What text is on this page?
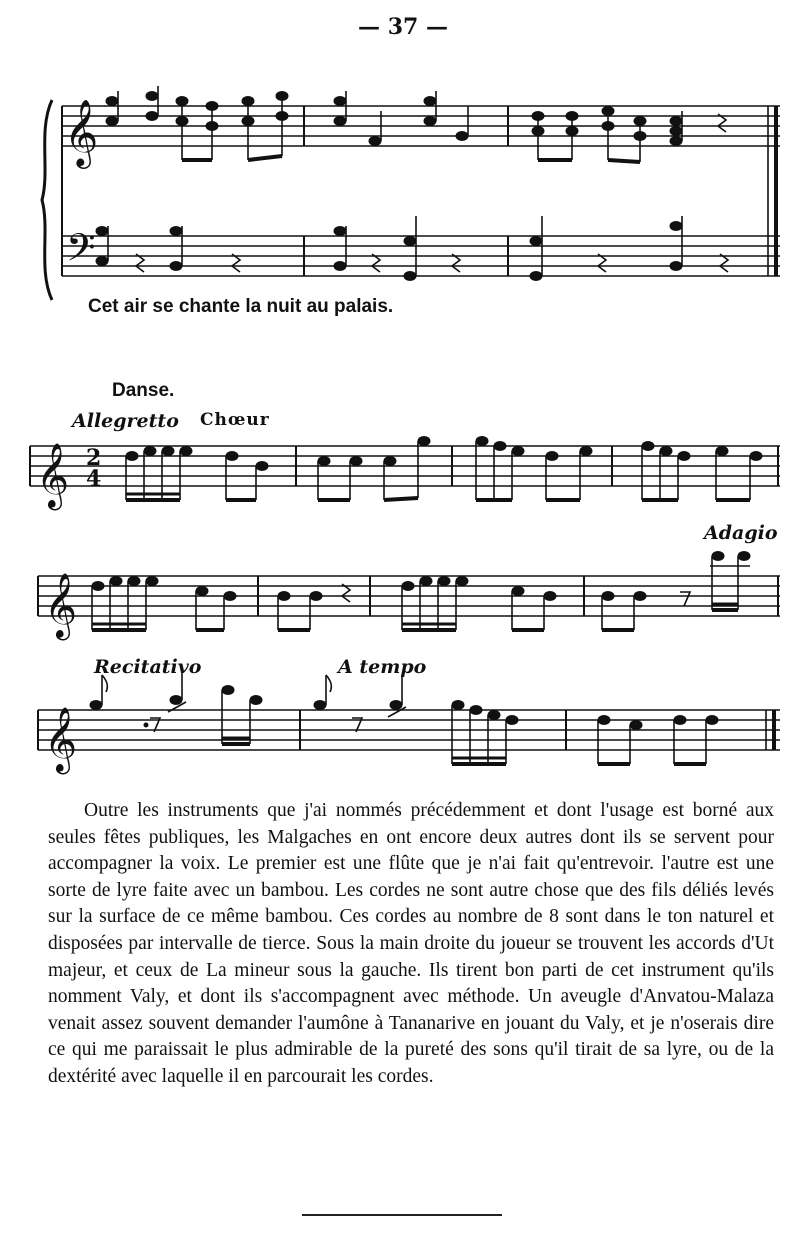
— 37 —
𝄞
𝄢
𝄞
𝄞
𝄞
2
4
Cet air se chante la nuit au palais.
Danse.
Allegretto Chœur
Adagio
Recitativo	A tempo

Outre les instruments que j'ai nommés précédemment et dont l'usage est borné aux seules fêtes publiques, les Malgaches en ont encore deux autres dont ils se servent pour accompagner la voix. Le premier est une flûte que je n'ai fait qu'entrevoir. l'autre est une sorte de lyre faite avec un bambou. Les cordes ne sont autre chose que des fils déliés levés sur la surface de ce même bambou. Ces cordes au nombre de 8 sont dans le ton naturel et disposées par intervalle de tierce. Sous la main droite du joueur se trouvent les accords d'Ut majeur, et ceux de La mineur sous la gauche. Ils tirent bon parti de cet instrument qu'ils nomment Valy, et dont ils s'accompagnent avec méthode. Un aveugle d'Anvatou-Malaza venait assez souvent demander l'aumône à Tananarive en jouant du Valy, et je n'oserais dire ce qui me paraissait le plus admirable de la pureté des sons qu'il tirait de sa lyre, ou de la dextérité avec laquelle il en parcourait les cordes.
